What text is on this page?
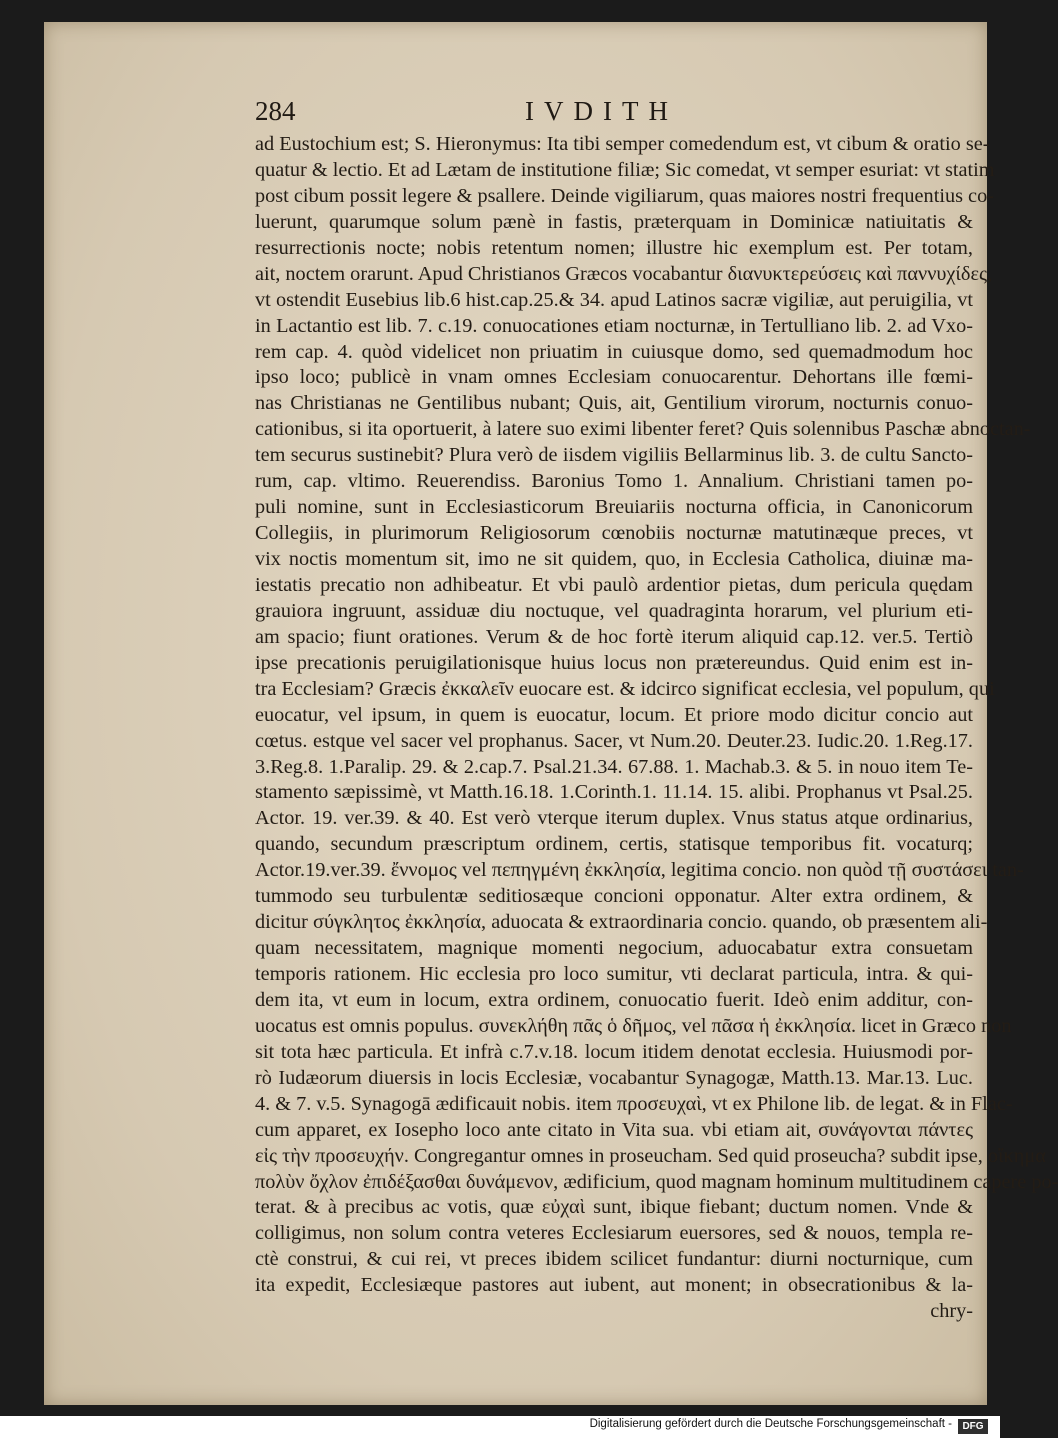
284	IVDITH
ad Eustochium est; S. Hieronymus: Ita tibi semper comedendum est, vt cibum & oratio se-
quatur & lectio. Et ad Lætam de institutione filiæ; Sic comedat, vt semper esuriat: vt statim
post cibum possit legere & psallere. Deinde vigiliarum, quas maiores nostri frequentius co-
luerunt, quarumque solum pænè in fastis, præterquam in Dominicæ natiuitatis &
resurrectionis nocte; nobis retentum nomen; illustre hic exemplum est. Per totam,
ait, noctem orarunt. Apud Christianos Græcos vocabantur διανυκτερεύσεις καὶ παννυχίδες,
vt ostendit Eusebius lib.6 hist.cap.25.& 34. apud Latinos sacræ vigiliæ, aut peruigilia, vt
in Lactantio est lib. 7. c.19. conuocationes etiam nocturnæ, in Tertulliano lib. 2. ad Vxo-
rem cap. 4. quòd videlicet non priuatim in cuiusque domo, sed quemadmodum hoc
ipso loco; publicè in vnam omnes Ecclesiam conuocarentur. Dehortans ille fœmi-
nas Christianas ne Gentilibus nubant; Quis, ait, Gentilium virorum, nocturnis conuo-
cationibus, si ita oportuerit, à latere suo eximi libenter feret? Quis solennibus Paschæ abnoctan-
tem securus sustinebit? Plura verò de iisdem vigiliis Bellarminus lib. 3. de cultu Sancto-
rum, cap. vltimo. Reuerendiss. Baronius Tomo 1. Annalium. Christiani tamen po-
puli nomine, sunt in Ecclesiasticorum Breuiariis nocturna officia, in Canonicorum
Collegiis, in plurimorum Religiosorum cœnobiis nocturnæ matutinæque preces, vt
vix noctis momentum sit, imo ne sit quidem, quo, in Ecclesia Catholica, diuinæ ma-
iestatis precatio non adhibeatur. Et vbi paulò ardentior pietas, dum pericula quędam
grauiora ingruunt, assiduæ diu noctuque, vel quadraginta horarum, vel plurium eti-
am spacio; fiunt orationes. Verum & de hoc fortè iterum aliquid cap.12. ver.5. Tertiò
ipse precationis peruigilationisque huius locus non prætereundus. Quid enim est in-
tra Ecclesiam? Græcis ἐκκαλεῖν euocare est. & idcirco significat ecclesia, vel populum, qui
euocatur, vel ipsum, in quem is euocatur, locum. Et priore modo dicitur concio aut
cœtus. estque vel sacer vel prophanus. Sacer, vt Num.20. Deuter.23. Iudic.20. 1.Reg.17.
3.Reg.8. 1.Paralip. 29. & 2.cap.7. Psal.21.34. 67.88. 1. Machab.3. & 5. in nouo item Te-
stamento sæpissimè, vt Matth.16.18. 1.Corinth.1. 11.14. 15. alibi. Prophanus vt Psal.25.
Actor. 19. ver.39. & 40. Est verò vterque iterum duplex. Vnus status atque ordinarius,
quando, secundum præscriptum ordinem, certis, statisque temporibus fit. vocaturq;
Actor.19.ver.39. ἔννομος vel πεπηγμένη ἐκκλησία, legitima concio. non quòd τῇ συστάσει tan-
tummodo seu turbulentæ seditiosæque concioni opponatur. Alter extra ordinem, &
dicitur σύγκλητος ἐκκλησία, aduocata & extraordinaria concio. quando, ob præsentem ali-
quam necessitatem, magnique momenti negocium, aduocabatur extra consuetam
temporis rationem. Hic ecclesia pro loco sumitur, vti declarat particula, intra. & qui-
dem ita, vt eum in locum, extra ordinem, conuocatio fuerit. Ideò enim additur, con-
uocatus est omnis populus. συνεκλήθη πᾶς ὁ δῆμος, vel πᾶσα ἡ ἐκκλησία. licet in Græco non
sit tota hæc particula. Et infrà c.7.v.18. locum itidem denotat ecclesia. Huiusmodi por-
rò Iudæorum diuersis in locis Ecclesiæ, vocabantur Synagogæ, Matth.13. Mar.13. Luc.
4. & 7. v.5. Synagogā ædificauit nobis. item προσευχαὶ, vt ex Philone lib. de legat. & in Flac-
cum apparet, ex Iosepho loco ante citato in Vita sua. vbi etiam ait, συνάγονται πάντες
εἰς τὴν προσευχήν. Congregantur omnes in proseucham. Sed quid proseucha? subdit ipse, οἴκημα
πολὺν ὄχλον ἐπιδέξασθαι δυνάμενον, ædificium, quod magnam hominum multitudinem capere po-
terat. & à precibus ac votis, quæ εὐχαὶ sunt, ibique fiebant; ductum nomen. Vnde &
colligimus, non solum contra veteres Ecclesiarum euersores, sed & nouos, templa re-
ctè construi, & cui rei, vt preces ibidem scilicet fundantur: diurni nocturnique, cum
ita expedit, Ecclesiæque pastores aut iubent, aut monent; in obsecrationibus & la-
chry-
Digitalisierung gefördert durch die Deutsche Forschungsgemeinschaft -	DFG
